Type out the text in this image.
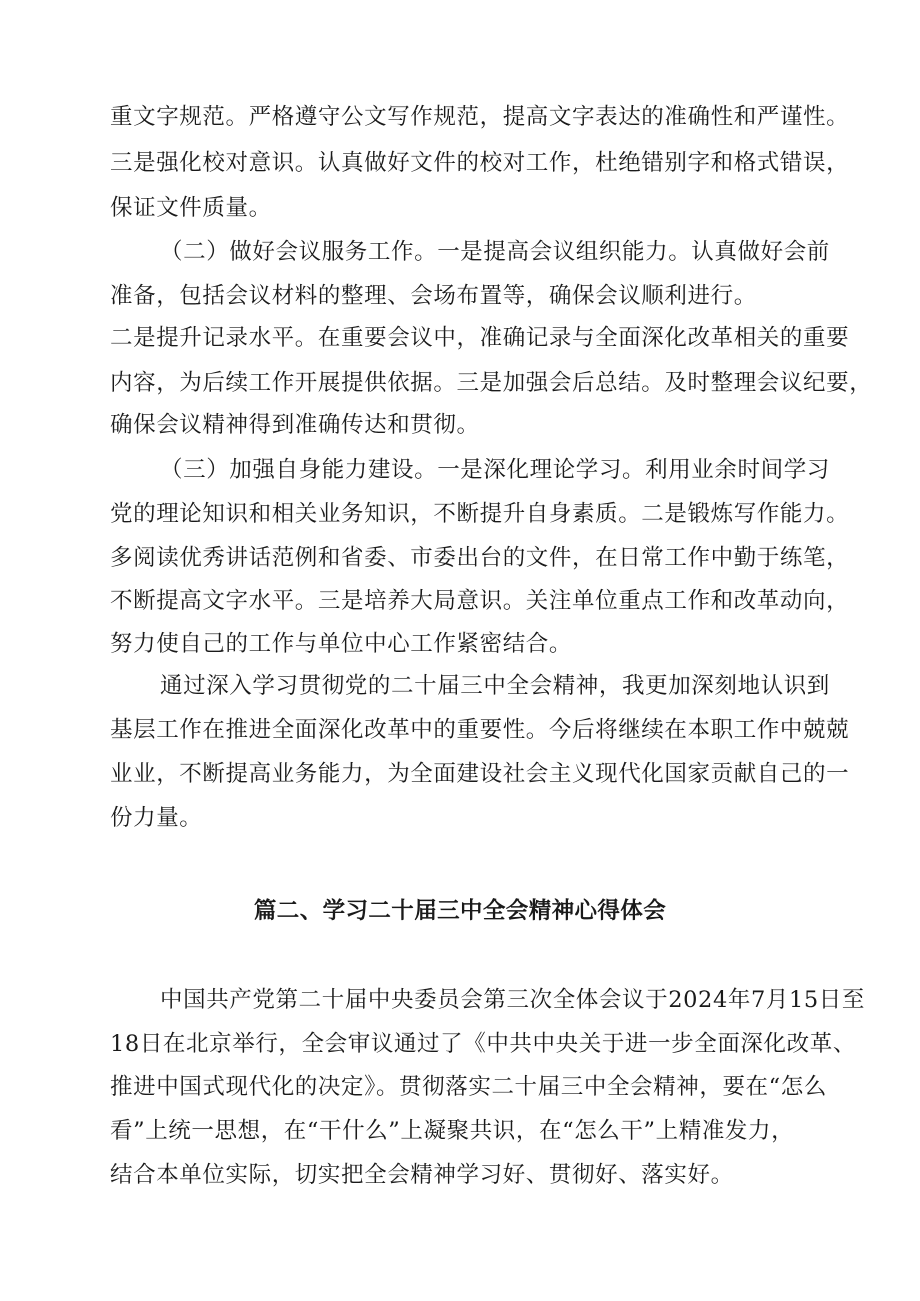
重文字规范。严格遵守公文写作规范，提高文字表达的准确性和严谨性。
三是强化校对意识。认真做好文件的校对工作，杜绝错别字和格式错误，
保证文件质量。
（二）做好会议服务工作。一是提高会议组织能力。认真做好会前
准备，包括会议材料的整理、会场布置等，确保会议顺利进行。
二是提升记录水平。在重要会议中，准确记录与全面深化改革相关的重要
内容，为后续工作开展提供依据。三是加强会后总结。及时整理会议纪要，
确保会议精神得到准确传达和贯彻。
（三）加强自身能力建设。一是深化理论学习。利用业余时间学习
党的理论知识和相关业务知识，不断提升自身素质。二是锻炼写作能力。
多阅读优秀讲话范例和省委、市委出台的文件，在日常工作中勤于练笔，
不断提高文字水平。三是培养大局意识。关注单位重点工作和改革动向，
努力使自己的工作与单位中心工作紧密结合。
通过深入学习贯彻党的二十届三中全会精神，我更加深刻地认识到
基层工作在推进全面深化改革中的重要性。今后将继续在本职工作中兢兢
业业，不断提高业务能力，为全面建设社会主义现代化国家贡献自己的一
份力量。
篇二、学习二十届三中全会精神心得体会
中国共产党第二十届中央委员会第三次全体会议于2024年7月15日至
18日在北京举行，全会审议通过了《中共中央关于进一步全面深化改革、
推进中国式现代化的决定》。贯彻落实二十届三中全会精神，要在“怎么
看”上统一思想，在“干什么”上凝聚共识，在“怎么干”上精准发力，
结合本单位实际，切实把全会精神学习好、贯彻好、落实好。
